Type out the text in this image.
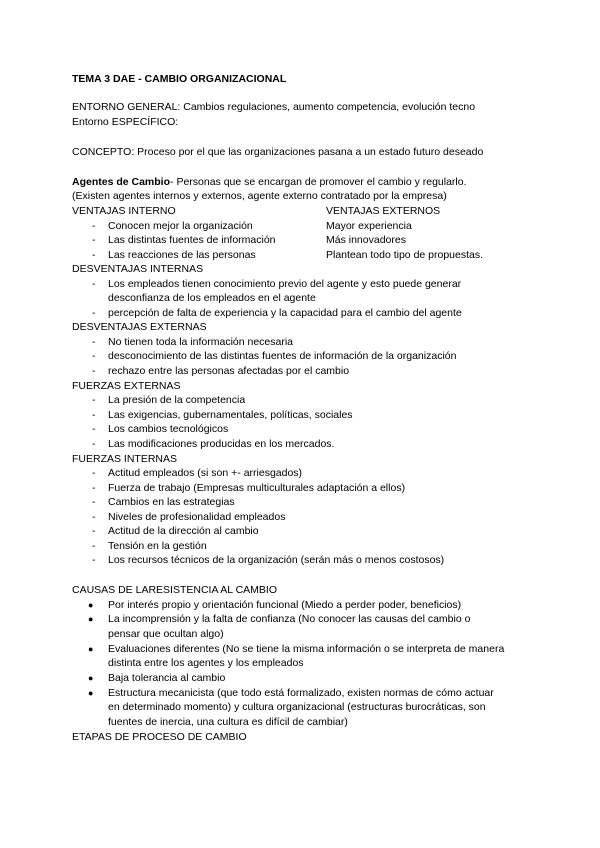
TEMA 3 DAE - CAMBIO ORGANIZACIONAL
ENTORNO GENERAL: Cambios regulaciones, aumento competencia, evolución tecno
Entorno ESPECÍFICO:
CONCEPTO: Proceso por el que las organizaciones pasana a un estado futuro deseado
Agentes de Cambio- Personas que se encargan de promover el cambio y regularlo.
(Existen agentes internos y externos, agente externo contratado por la empresa)
VENTAJAS INTERNO	VENTAJAS EXTERNOS
-	Conocen mejor la organización	Mayor experiencia
-	Las distintas fuentes de información	Más innovadores
-	Las reacciones de las personas	Plantean todo tipo de propuestas.
DESVENTAJAS INTERNAS
-	Los empleados tienen conocimiento previo del agente y esto puede generar
desconfianza de los empleados en el agente
-	percepción de falta de experiencia y la capacidad para el cambio del agente
DESVENTAJAS EXTERNAS
-	No tienen toda la información necesaria
-	desconocimiento de las distintas fuentes de información de la organización
-	rechazo entre las personas afectadas por el cambio
FUERZAS EXTERNAS
-	La presión de la competencia
-	Las exigencias, gubernamentales, políticas, sociales
-	Los cambios tecnológicos
-	Las modificaciones producidas en los mercados.
FUERZAS INTERNAS
-	Actitud empleados (si son +- arriesgados)
-	Fuerza de trabajo (Empresas multiculturales adaptación a ellos)
-	Cambios en las estrategias
-	Niveles de profesionalidad empleados
-	Actitud de la dirección al cambio
-	Tensión en la gestión
-	Los recursos técnicos de la organización (serán más o menos costosos)
CAUSAS DE LARESISTENCIA AL CAMBIO
● Por interés propio y orientación funcional (Miedo a perder poder, beneficios)
● La incomprensión y la falta de confianza (No conocer las causas del cambio o
pensar que ocultan algo)
● Evaluaciones diferentes (No se tiene la misma información o se interpreta de manera
distinta entre los agentes y los empleados
● Baja tolerancia al cambio
● Estructura mecanicista (que todo está formalizado, existen normas de cómo actuar
en determinado momento) y cultura organizacional (estructuras burocráticas, son
fuentes de inercia, una cultura es difícil de cambiar)
ETAPAS DE PROCESO DE CAMBIO
